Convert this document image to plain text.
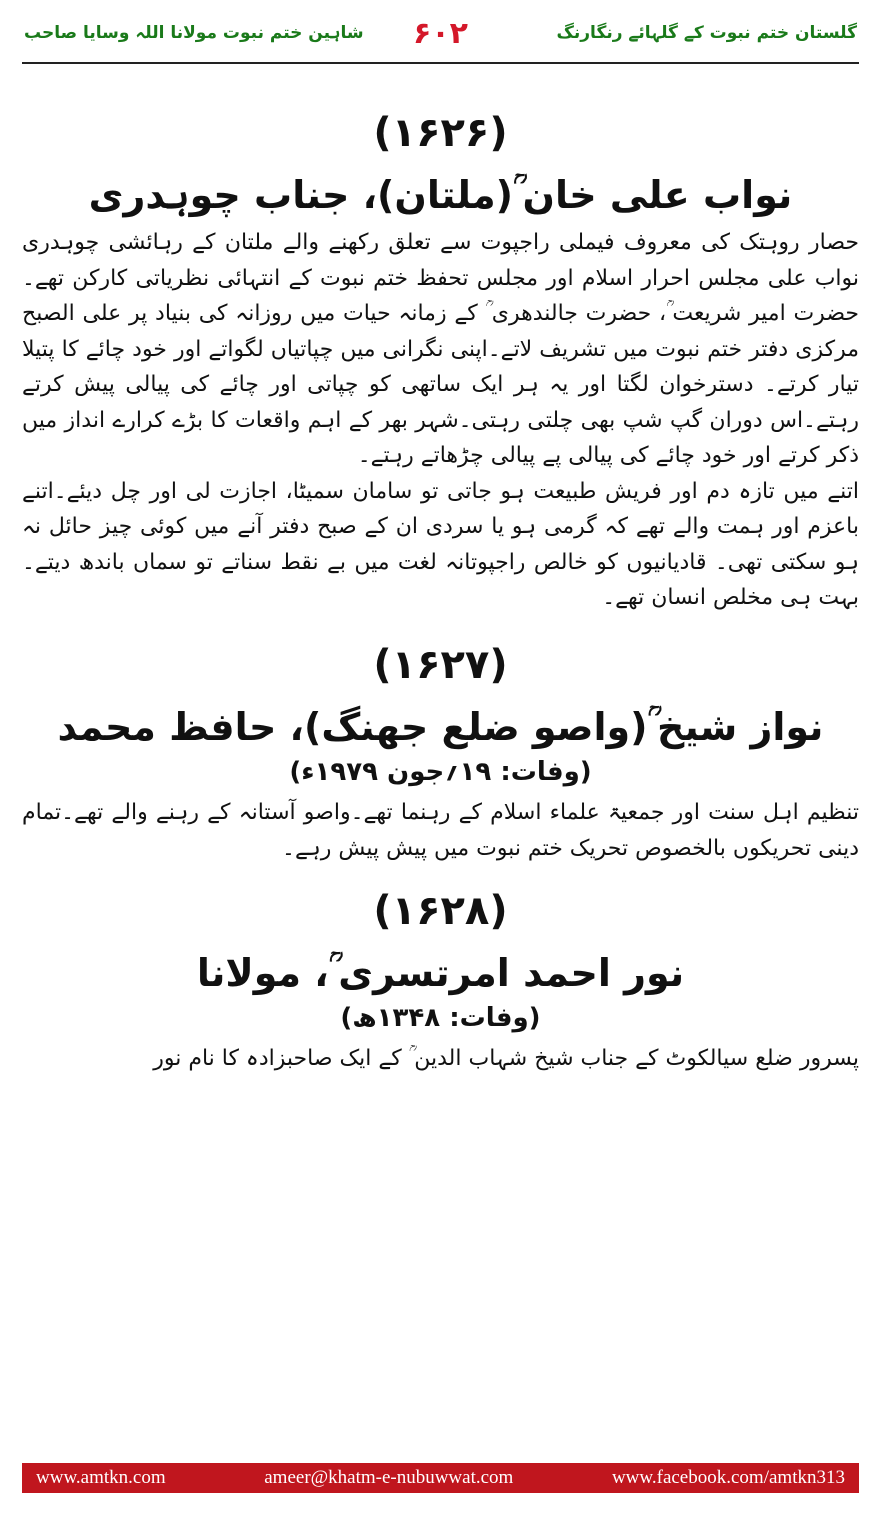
شاہین ختم نبوت مولانا اللہ وسایا صاحب	۶۰۲	گلستان ختم نبوت کے گلہائے رنگارنگ
(۱۶۲۶)
نواب علی خان ؒ(ملتان)، جناب چوہدری

حصار روہتک کی معروف فیملی راجپوت سے تعلق رکھنے والے ملتان کے رہائشی چوہدری نواب علی مجلس احرار اسلام اور مجلس تحفظ ختم نبوت کے انتہائی نظریاتی کارکن تھے۔حضرت امیر شریعت ؒ، حضرت جالندھری ؒ کے زمانہ حیات میں روزانہ کی بنیاد پر علی الصبح مرکزی دفتر ختم نبوت میں تشریف لاتے۔اپنی نگرانی میں چپاتیاں لگواتے اور خود چائے کا پتیلا تیار کرتے۔ دسترخوان لگتا اور یہ ہر ایک ساتھی کو چپاتی اور چائے کی پیالی پیش کرتے رہتے۔اس دوران گپ شپ بھی چلتی رہتی۔شہر بھر کے اہم واقعات کا بڑے کرارے انداز میں ذکر کرتے اور خود چائے کی پیالی پے پیالی چڑھاتے رہتے۔

اتنے میں تازہ دم اور فریش طبیعت ہو جاتی تو سامان سمیٹا، اجازت لی اور چل دیئے۔اتنے باعزم اور ہمت والے تھے کہ گرمی ہو یا سردی ان کے صبح دفتر آنے میں کوئی چیز حائل نہ ہو سکتی تھی۔ قادیانیوں کو خالص راجپوتانہ لغت میں بے نقط سناتے تو سماں باندھ دیتے۔بہت ہی مخلص انسان تھے۔

(۱۶۲۷)
نواز شیخ ؒ(واصو ضلع جھنگ)، حافظ محمد
(وفات: ۱۹؍جون ۱۹۷۹ء)

تنظیم اہل سنت اور جمعیۃ علماء اسلام کے رہنما تھے۔واصو آستانہ کے رہنے والے تھے۔تمام دینی تحریکوں بالخصوص تحریک ختم نبوت میں پیش پیش رہے۔

(۱۶۲۸)
نور احمد امرتسری ؒ، مولانا
(وفات: ۱۳۴۸ھ)

پسرور ضلع سیالکوٹ کے جناب شیخ شہاب الدین ؒ کے ایک صاحبزادہ کا نام نور

www.amtkn.com	ameer@khatm-e-nubuwwat.com	www.facebook.com/amtkn313
